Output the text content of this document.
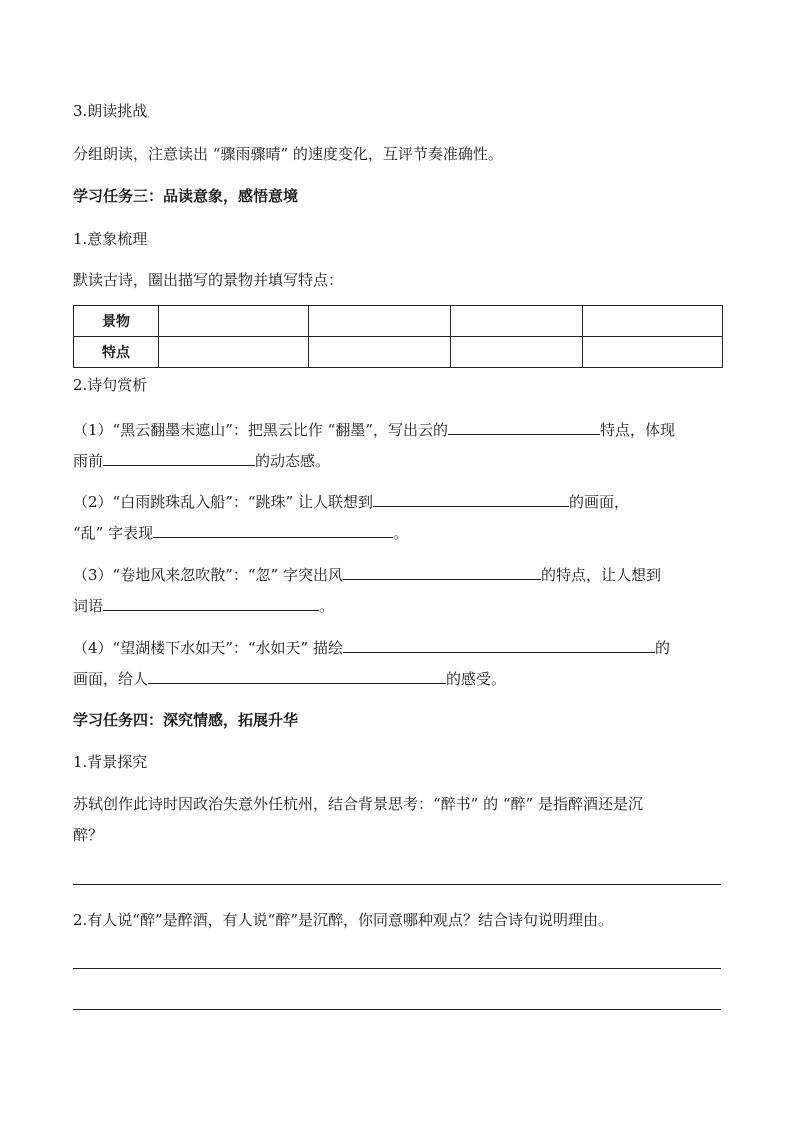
3.朗读挑战
分组朗读，注意读出 “骤雨骤晴” 的速度变化，互评节奏准确性。
学习任务三：品读意象，感悟意境
1.意象梳理
默读古诗，圈出描写的景物并填写特点：
景物				
特点				
2.诗句赏析
（1）“黑云翻墨未遮山”：把黑云比作 “翻墨”，写出云的	特点，体现
雨前	的动态感。
（2）“白雨跳珠乱入船”：“跳珠” 让人联想到	的画面，
“乱” 字表现	。
（3）“卷地风来忽吹散”：“忽” 字突出风	的特点，让人想到
词语	。
（4）“望湖楼下水如天”：“水如天” 描绘	的
画面，给人	的感受。
学习任务四：深究情感，拓展升华
1.背景探究
苏轼创作此诗时因政治失意外任杭州，结合背景思考：“醉书” 的 “醉” 是指醉酒还是沉
醉？
2.有人说“醉”是醉酒，有人说“醉”是沉醉，你同意哪种观点？结合诗句说明理由。
